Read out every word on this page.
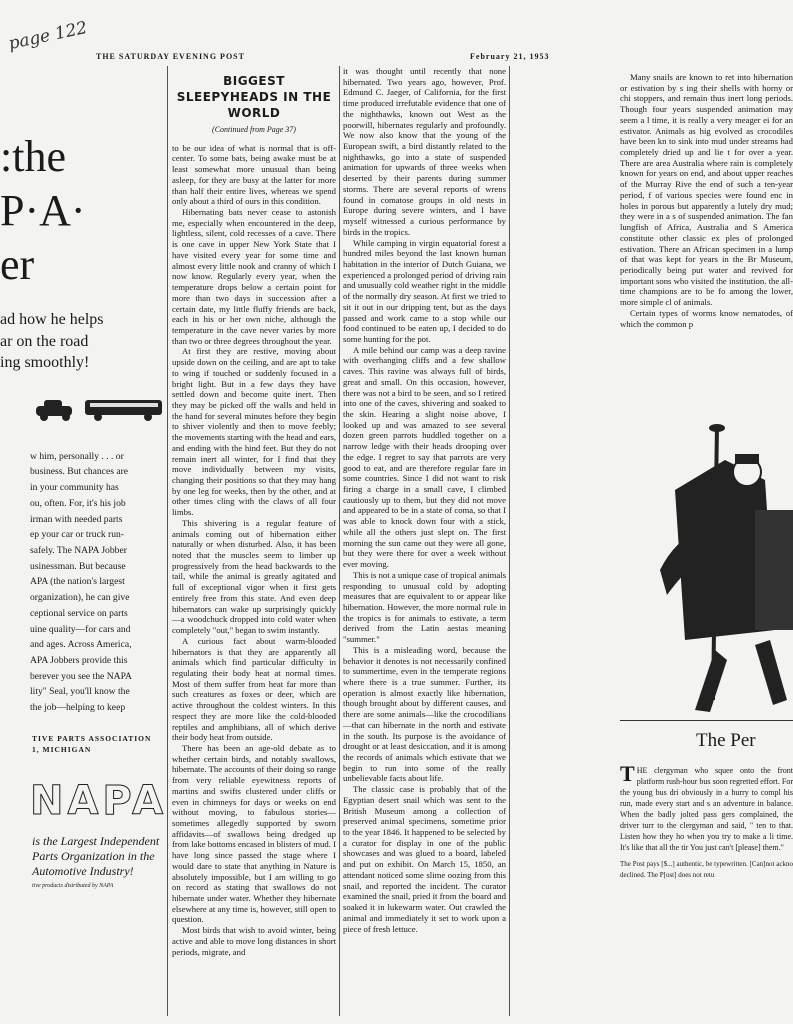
page 122
THE SATURDAY EVENING POST	February 21, 1953

:the

P·A·

er

ad how he helps

ar on the road

ing smoothly!

w him, personally . . . or

business. But chances are

in your community has

ou, often. For, it's his job

irman with needed parts

ep your car or truck run-

safely. The NAPA Jobber

usinessman. But because

APA (the nation's largest

organization), he can give

ceptional service on parts

uine quality—for cars and

and ages. Across America,

APA Jobbers provide this

berever you see the NAPA

lity" Seal, you'll know the

the job—helping to keep

TIVE PARTS ASSOCIATION
1, MICHIGAN
NAPA
is the Largest Independent
Parts Organization in the
Automotive Industry!
tive products distributed by NAPA
BIGGEST SLEEPYHEADS IN THE WORLD
(Continued from Page 37)

to be our idea of what is normal that is off-center. To some bats, being awake must be at least somewhat more unusual than being asleep, for they are busy at the latter for more than half their entire lives, whereas we spend only about a third of ours in this condition.

Hibernating bats never cease to astonish me, especially when encountered in the deep, lightless, silent, cold recesses of a cave. There is one cave in upper New York State that I have visited every year for some time and almost every little nook and cranny of which I now know. Regularly every year, when the temperature drops below a certain point for more than two days in succession after a certain date, my little fluffy friends are back, each in his or her own niche, although the temperature in the cave never varies by more than two or three degrees throughout the year.

At first they are restive, moving about upside down on the ceiling, and are apt to take to wing if touched or suddenly focused in a bright light. But in a few days they have settled down and become quite inert. Then they may be picked off the walls and held in the hand for several minutes before they begin to shiver violently and then to move feebly; the movements starting with the head and ears, and ending with the hind feet. But they do not remain inert all winter, for I find that they move individually between my visits, changing their positions so that they may hang by one leg for weeks, then by the other, and at other times cling with the claws of all four limbs.

This shivering is a regular feature of animals coming out of hibernation either naturally or when disturbed. Also, it has been noted that the muscles seem to limber up progressively from the head backwards to the tail, while the animal is greatly agitated and full of exceptional vigor when it first gets entirely free from this state. And even deep hibernators can wake up surprisingly quickly—a woodchuck dropped into cold water when completely "out," began to swim instantly.

A curious fact about warm-blooded hibernators is that they are apparently all animals which find particular difficulty in regulating their body heat at normal times. Most of them suffer from heat far more than such creatures as foxes or deer, which are active throughout the coldest winters. In this respect they are more like the cold-blooded reptiles and amphibians, all of which derive their body heat from outside.

There has been an age-old debate as to whether certain birds, and notably swallows, hibernate. The accounts of their doing so range from very reliable eyewitness reports of martins and swifts clustered under cliffs or even in chimneys for days or weeks on end without moving, to fabulous stories—sometimes allegedly supported by sworn affidavits—of swallows being dredged up from lake bottoms encased in blisters of mud. I have long since passed the stage where I would dare to state that anything in Nature is absolutely impossible, but I am willing to go on record as stating that swallows do not hibernate under water. Whether they hibernate elsewhere at any time is, however, still open to question.

Most birds that wish to avoid winter, being active and able to move long distances in short periods, migrate, and

it was thought until recently that none hibernated. Two years ago, however, Prof. Edmund C. Jaeger, of California, for the first time produced irrefutable evidence that one of the nighthawks, known out West as the poorwill, hibernates regularly and profoundly. We now also know that the young of the European swift, a bird distantly related to the nighthawks, go into a state of suspended animation for upwards of three weeks when deserted by their parents during summer storms. There are several reports of wrens found in comatose groups in old nests in Europe during severe winters, and I have myself witnessed a curious performance by birds in the tropics.

While camping in virgin equatorial forest a hundred miles beyond the last known human habitation in the interior of Dutch Guiana, we experienced a prolonged period of driving rain and unusually cold weather right in the middle of the normally dry season. At first we tried to sit it out in our dripping tent, but as the days passed and work came to a stop while our food continued to be eaten up, I decided to do some hunting for the pot.

A mile behind our camp was a deep ravine with overhanging cliffs and a few shallow caves. This ravine was always full of birds, great and small. On this occasion, however, there was not a bird to be seen, and so I retired into one of the caves, shivering and soaked to the skin. Hearing a slight noise above, I looked up and was amazed to see several dozen green parrots huddled together on a narrow ledge with their heads drooping over the edge. I regret to say that parrots are very good to eat, and are therefore regular fare in some countries. Since I did not want to risk firing a charge in a small cave, I climbed cautiously up to them, but they did not move and appeared to be in a state of coma, so that I was able to knock down four with a stick, while all the others just slept on. The first morning the sun came out they were all gone, but they were there for over a week without ever moving.

This is not a unique case of tropical animals responding to unusual cold by adopting measures that are equivalent to or appear like hibernation. However, the more normal rule in the tropics is for animals to estivate, a term derived from the Latin aestas meaning "summer."

This is a misleading word, because the behavior it denotes is not necessarily confined to summertime, even in the temperate regions where there is a true summer. Further, its operation is almost exactly like hibernation, though brought about by different causes, and there are some animals—like the crocodilians—that can hibernate in the north and estivate in the south. Its purpose is the avoidance of drought or at least desiccation, and it is among the records of animals which estivate that we begin to run into some of the really unbelievable facts about life.

The classic case is probably that of the Egyptian desert snail which was sent to the British Museum among a collection of preserved animal specimens, sometime prior to the year 1846. It happened to be selected by a curator for display in one of the public showcases and was glued to a board, labeled and put on exhibit. On March 15, 1850, an attendant noticed some slime oozing from this snail, and reported the incident. The curator examined the snail, pried it from the board and soaked it in lukewarm water. Out crawled the animal and immediately it set to work upon a piece of fresh lettuce.

Many snails are known to ret into hibernation or estivation by s ing their shells with horny or chi stoppers, and remain thus inert long periods. Though four years suspended animation may seem a l time, it is really a very meager ei for an estivator. Animals as hig evolved as crocodiles have been kn to sink into mud under streams had completely dried up and lie t for over a year. There are area Australia where rain is completely known for years on end, and about upper reaches of the Murray Rive the end of such a ten-year period, f of various species were found enc in holes in porous but apparently a lutely dry mud; they were in a s of suspended animation. The fan lungfish of Africa, Australia and S America constitute other classic ex ples of prolonged estivation. There an African specimen in a lump of that was kept for years in the Br Museum, periodically being put water and revived for important sons who visited the institution. the all-time champions are to be fo among the lower, more simple cl of animals.

Certain types of worms know nematodes, of which the common p

The Per

THE clergyman who squee onto the front platform rush-hour bus soon regretted effort. For the young bus dri obviously in a hurry to compl his run, made every start and s an adventure in balance. When the badly jolted pass gers complained, the driver turr to the clergyman and said, " ten to that. Listen how they ho when you try to make a li time. It's like that all the tir You just can't [please] them."

The Post pays [$...] authentic, be typewritten. [Can]not ackno declined. The P[ost] does not retu
